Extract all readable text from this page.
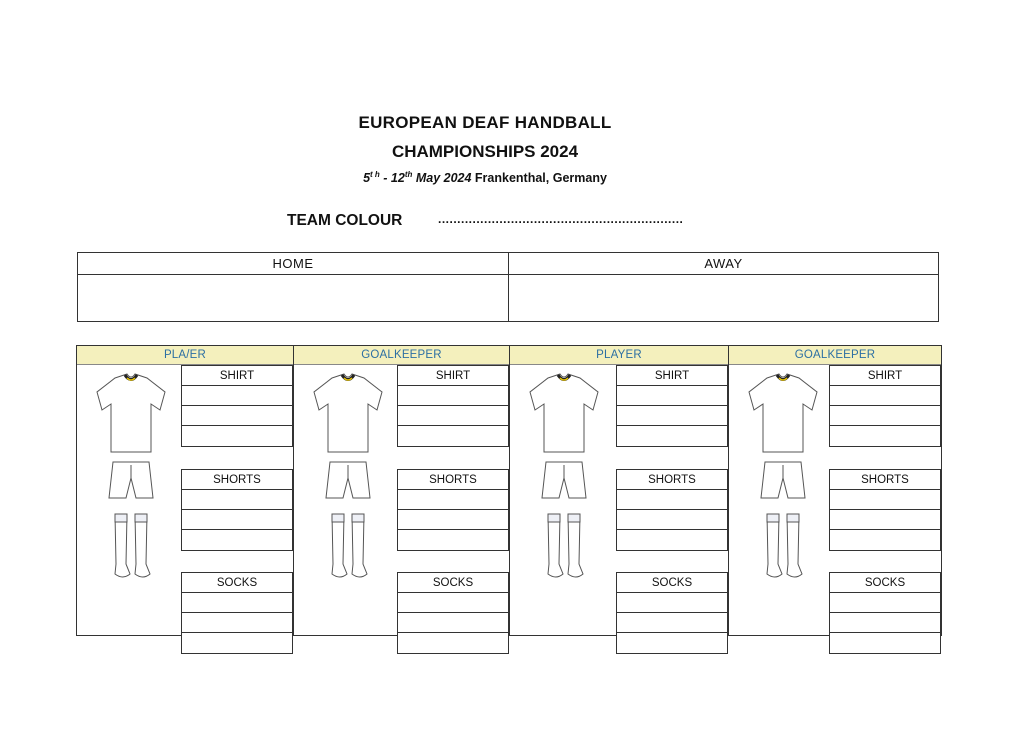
EUROPEAN DEAF HANDBALL
CHAMPIONSHIPS 2024
$5^{t h} - 12th$ May 2024 Frankenthal, Germany
TEAM COLOUR	................................................................
HOME	AWAY
PLA/ER
SHIRT
SHORTS
SOCKS
GOALKEEPER
SHIRT
SHORTS
SOCKS
PLAYER
SHIRT
SHORTS
SOCKS
GOALKEEPER
SHIRT
SHORTS
SOCKS
